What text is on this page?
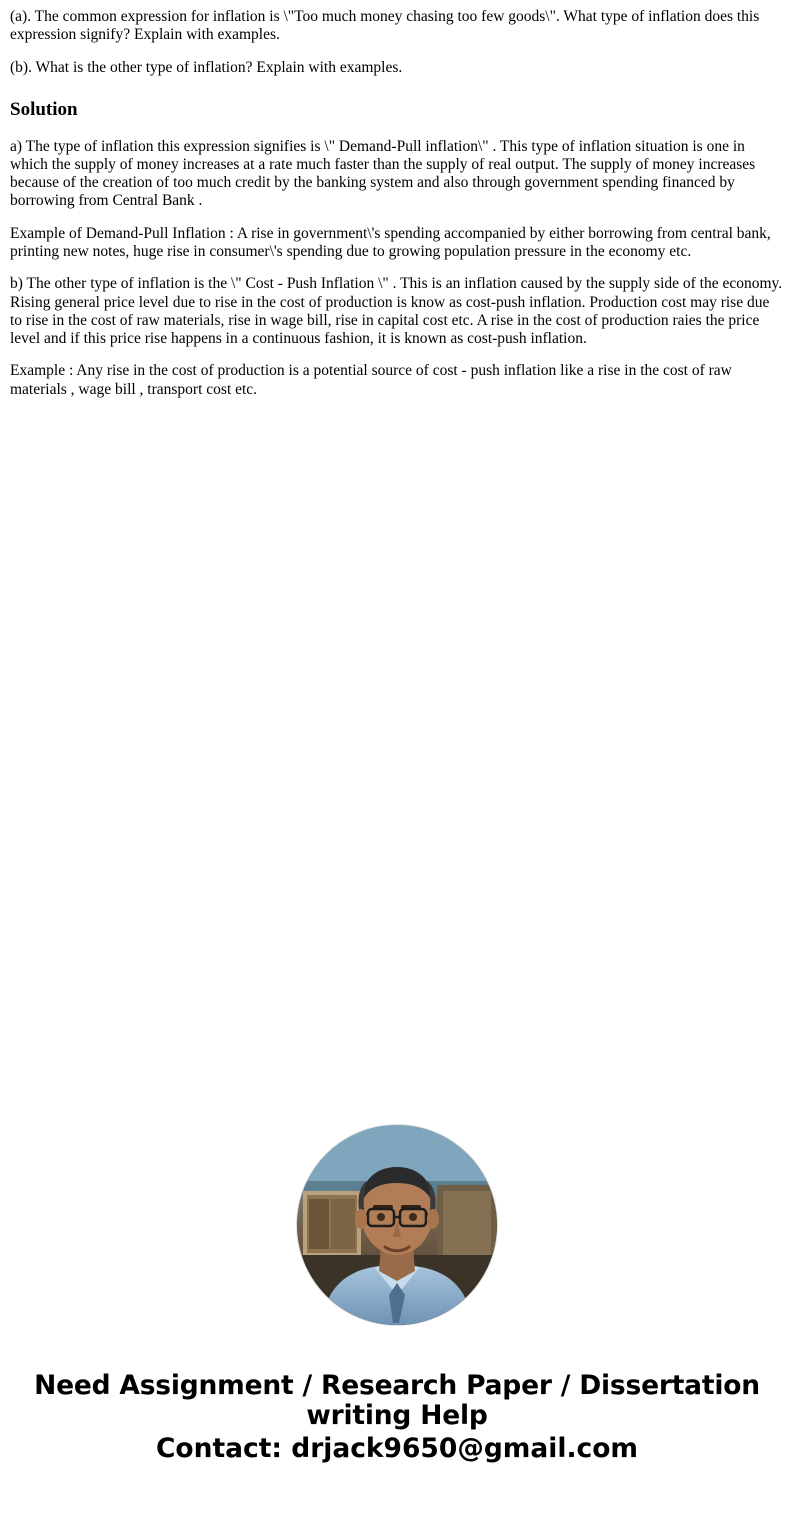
(a). The common expression for inflation is \"Too much money chasing too few goods\". What type of inflation does this expression signify? Explain with examples.

(b). What is the other type of inflation? Explain with examples.

Solution

a) The type of inflation this expression signifies is \" Demand-Pull inflation\" . This type of inflation situation is one in which the supply of money increases at a rate much faster than the supply of real output. The supply of money increases because of the creation of too much credit by the banking system and also through government spending financed by borrowing from Central Bank .

Example of Demand-Pull Inflation : A rise in government\'s spending accompanied by either borrowing from central bank, printing new notes, huge rise in consumer\'s spending due to growing population pressure in the economy etc.

b) The other type of inflation is the \" Cost - Push Inflation \" . This is an inflation caused by the supply side of the economy. Rising general price level due to rise in the cost of production is know as cost-push inflation. Production cost may rise due to rise in the cost of raw materials, rise in wage bill, rise in capital cost etc. A rise in the cost of production raies the price level and if this price rise happens in a continuous fashion, it is known as cost-push inflation.

Example : Any rise in the cost of production is a potential source of cost - push inflation like a rise in the cost of raw materials , wage bill , transport cost etc.

Need Assignment / Research Paper / Dissertation writing Help
Contact: drjack9650@gmail.com
